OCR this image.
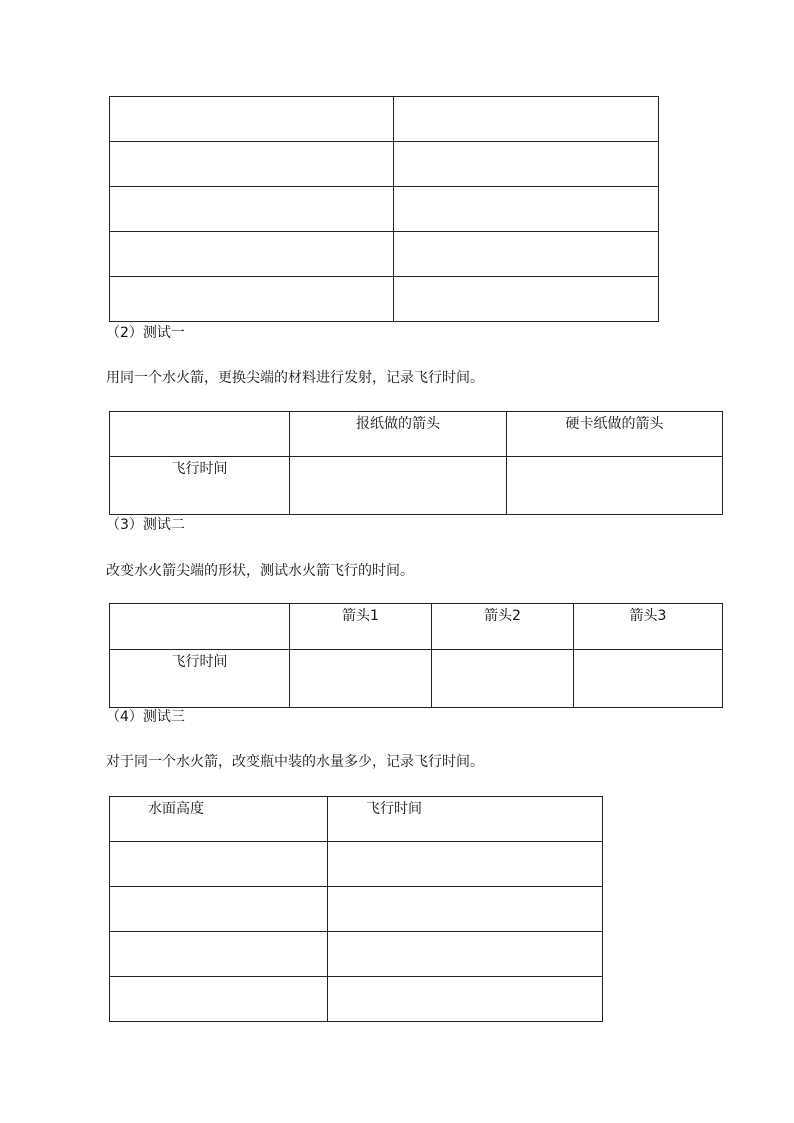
（2）测试一
用同一个水火箭，更换尖端的材料进行发射，记录飞行时间。

	报纸做的箭头	硬卡纸做的箭头

飞行时间		

（3）测试二
改变水火箭尖端的形状，测试水火箭飞行的时间。

	箭头1	箭头2	箭头3

飞行时间			

（4）测试三
对于同一个水火箭，改变瓶中装的水量多少，记录飞行时间。
水面高度	飞行时间
